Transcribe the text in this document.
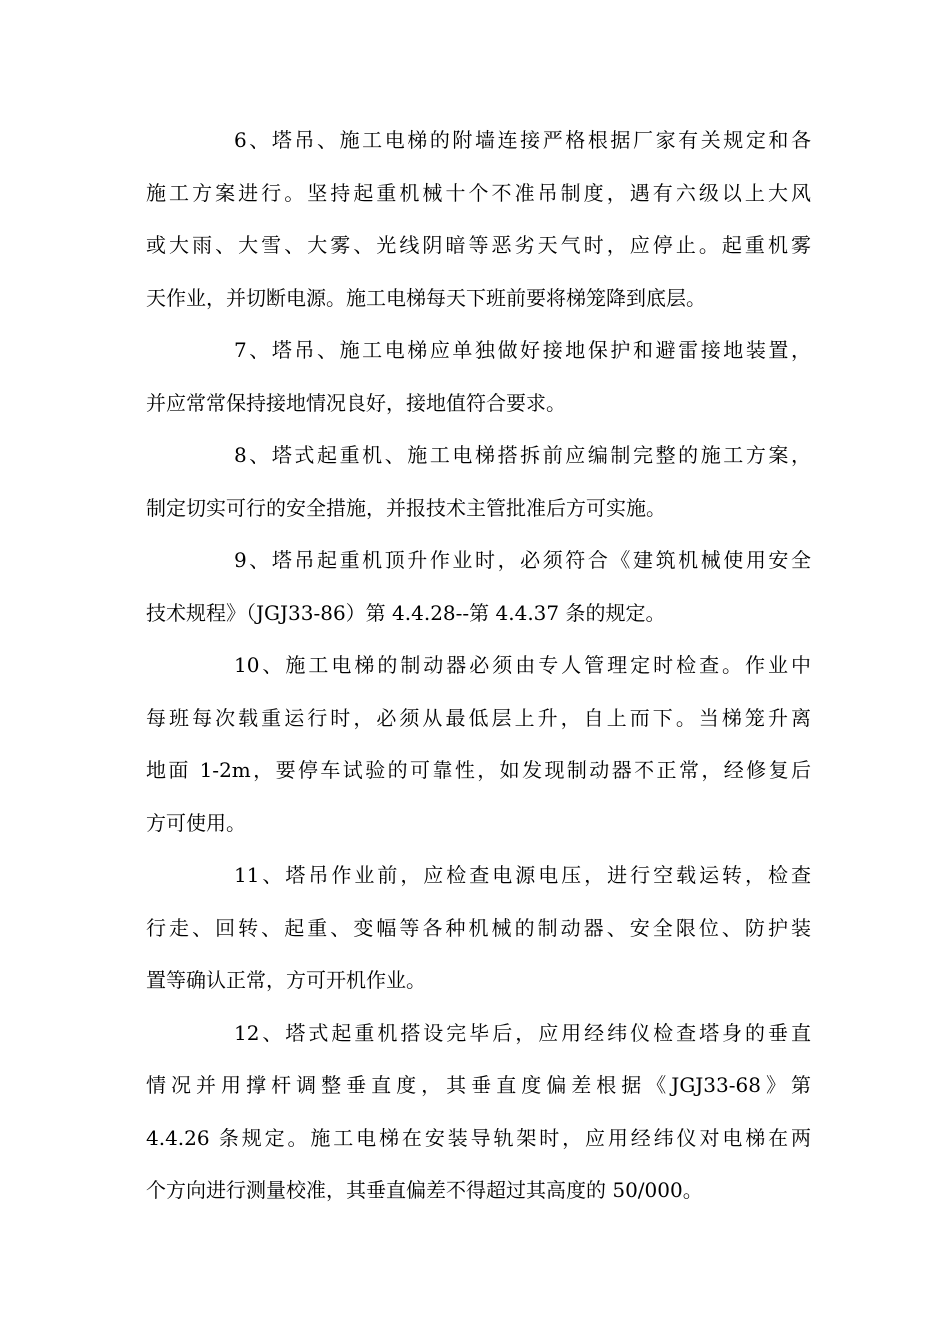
6、塔吊、施工电梯的附墙连接严格根据厂家有关规定和各
施工方案进行。坚持起重机械十个不准吊制度，遇有六级以上大风
或大雨、大雪、大雾、光线阴暗等恶劣天气时，应停止。起重机雾
天作业，并切断电源。施工电梯每天下班前要将梯笼降到底层。
7、塔吊、施工电梯应单独做好接地保护和避雷接地装置，
并应常常保持接地情况良好，接地值符合要求。
8、塔式起重机、施工电梯搭拆前应编制完整的施工方案，
制定切实可行的安全措施，并报技术主管批准后方可实施。
9、塔吊起重机顶升作业时，必须符合《建筑机械使用安全
技术规程》（JGJ33-86）第 4.4.28--第 4.4.37 条的规定。
10、施工电梯的制动器必须由专人管理定时检查。作业中
每班每次载重运行时，必须从最低层上升，自上而下。当梯笼升离
地面 1-2m，要停车试验的可靠性，如发现制动器不正常，经修复后
方可使用。
11、塔吊作业前，应检查电源电压，进行空载运转，检查
行走、回转、起重、变幅等各种机械的制动器、安全限位、防护装
置等确认正常，方可开机作业。
12、塔式起重机搭设完毕后，应用经纬仪检查塔身的垂直
情况并用撑杆调整垂直度，其垂直度偏差根据《JGJ33-68》第
4.4.26 条规定。施工电梯在安装导轨架时，应用经纬仪对电梯在两
个方向进行测量校准，其垂直偏差不得超过其高度的 50/000。
